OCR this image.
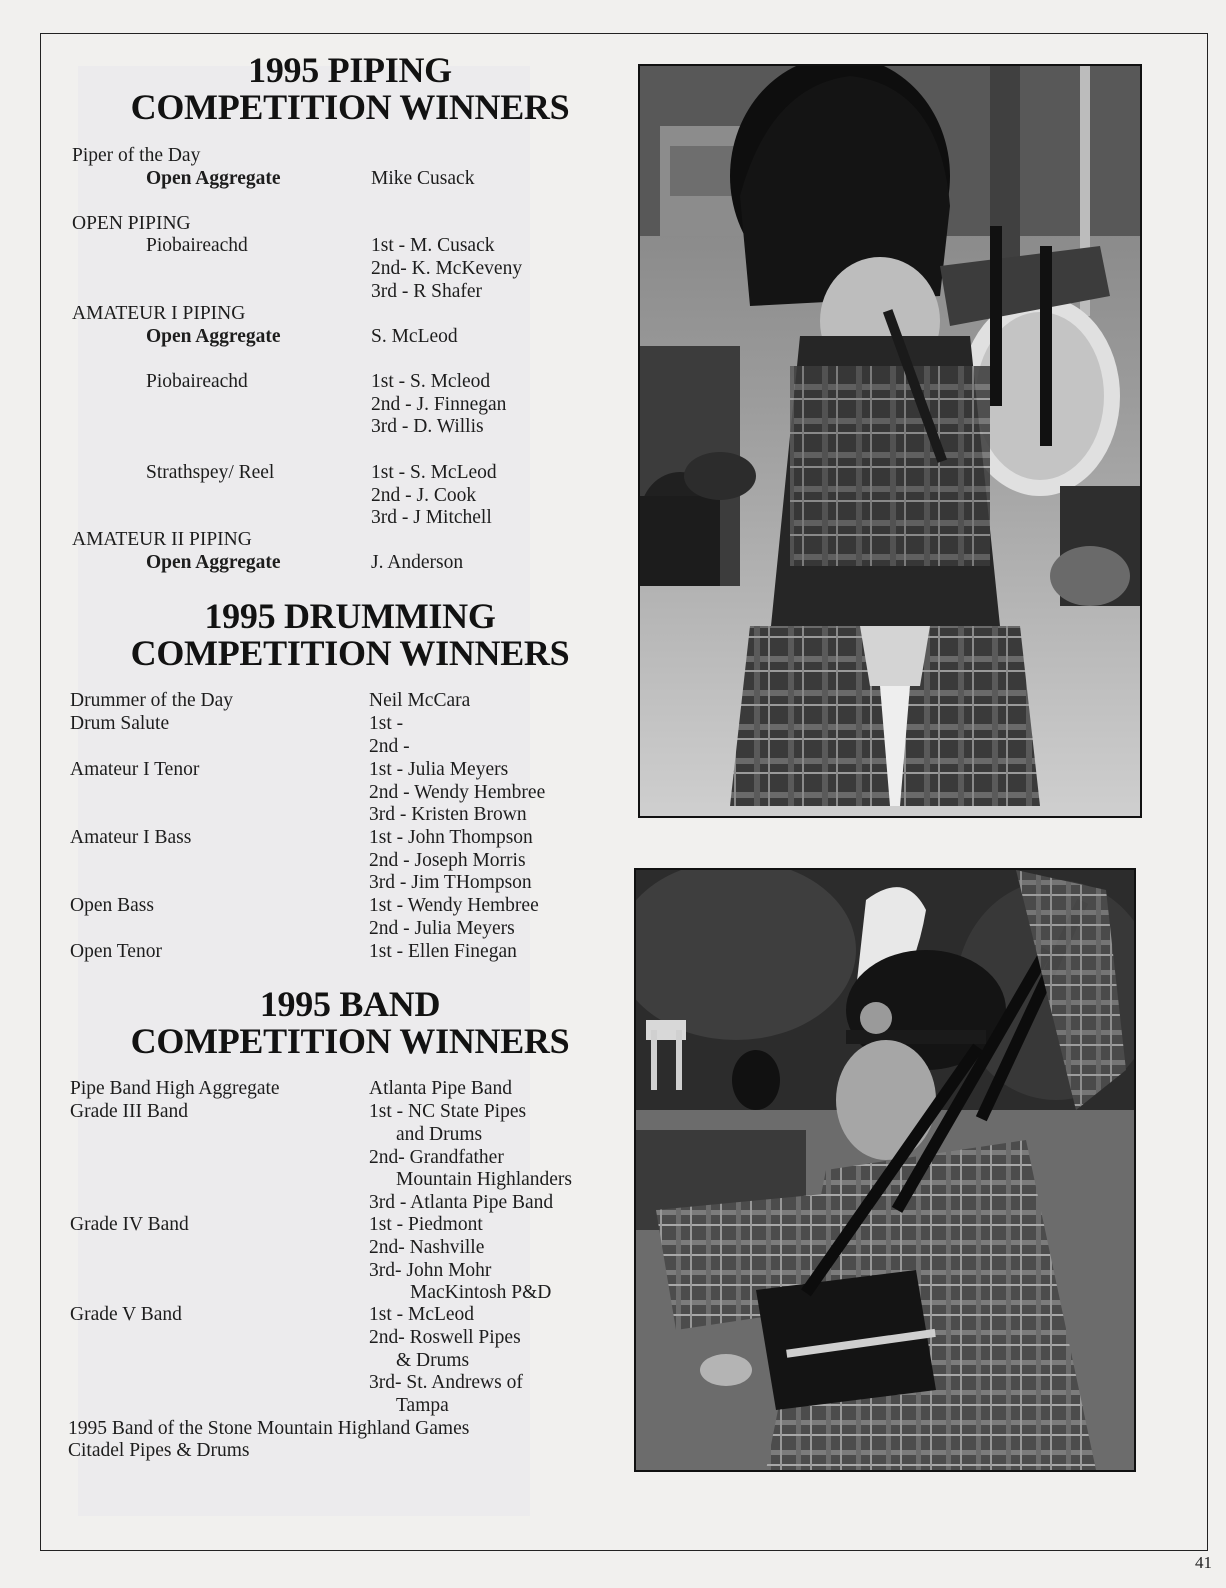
1995 PIPING
COMPETITION WINNERS
Piper of the Day
Open Aggregate	Mike Cusack
OPEN PIPING
Piobaireachd	1st - M. Cusack
2nd- K. McKeveny
3rd - R Shafer
AMATEUR I PIPING
Open Aggregate	S. McLeod
Piobaireachd	1st - S. Mcleod
2nd - J. Finnegan
3rd - D. Willis
Strathspey/ Reel	1st - S. McLeod
2nd - J. Cook
3rd - J Mitchell
AMATEUR II PIPING
Open Aggregate	J. Anderson
1995 DRUMMING
COMPETITION WINNERS
Drummer of the Day	Neil McCara
Drum Salute	1st -
2nd -
Amateur I Tenor	1st - Julia Meyers
2nd - Wendy Hembree
3rd - Kristen Brown
Amateur I Bass	1st - John Thompson
2nd - Joseph Morris
3rd - Jim THompson
Open Bass	1st - Wendy Hembree
2nd - Julia Meyers
Open Tenor	1st - Ellen Finegan
1995 BAND
COMPETITION WINNERS
Pipe Band High Aggregate	Atlanta Pipe Band
Grade III Band	1st - NC State Pipes
and Drums
2nd- Grandfather
Mountain Highlanders
3rd - Atlanta Pipe Band
Grade IV Band	1st - Piedmont
2nd- Nashville
3rd- John Mohr
MacKintosh P&D
Grade V Band	1st - McLeod
2nd- Roswell Pipes
& Drums
3rd- St. Andrews of
Tampa
1995 Band of the Stone Mountain Highland Games
Citadel Pipes & Drums
41
